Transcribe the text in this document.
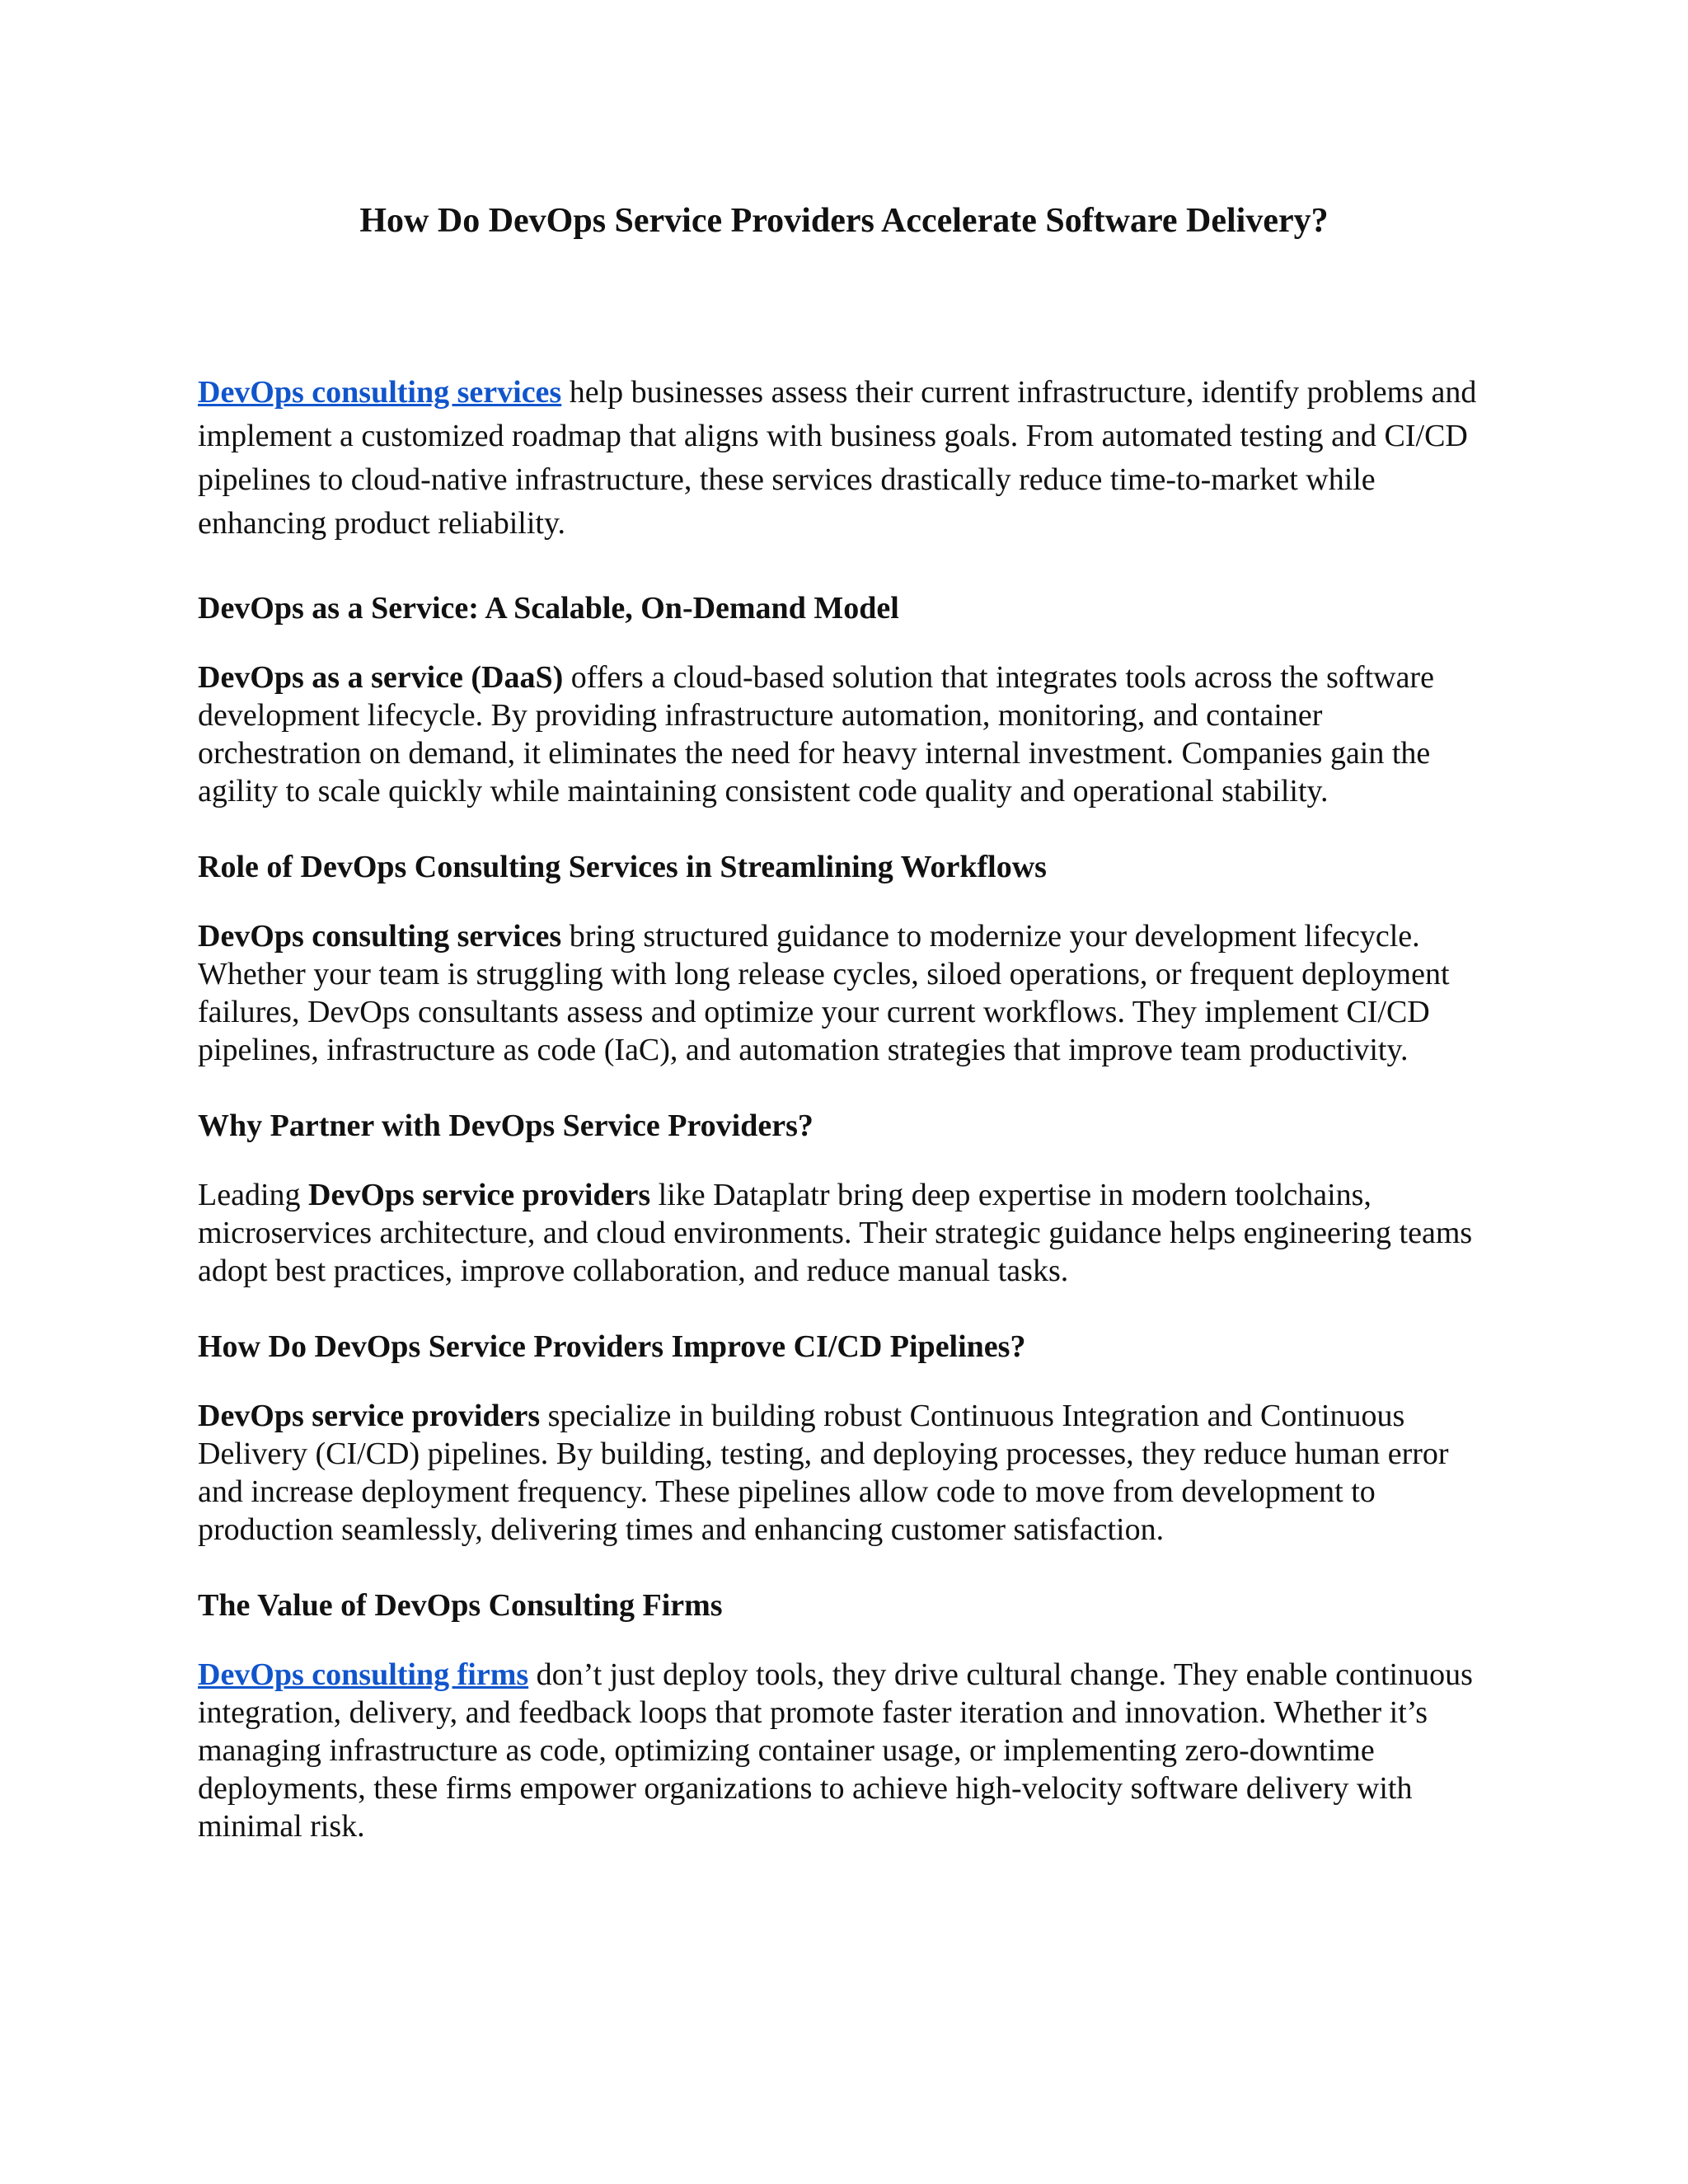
How Do DevOps Service Providers Accelerate Software Delivery?

DevOps consulting services help businesses assess their current infrastructure, identify problems and implement a customized roadmap that aligns with business goals. From automated testing and CI/CD pipelines to cloud-native infrastructure, these services drastically reduce time-to-market while enhancing product reliability.

DevOps as a Service: A Scalable, On-Demand Model

DevOps as a service (DaaS) offers a cloud-based solution that integrates tools across the software development lifecycle. By providing infrastructure automation, monitoring, and container orchestration on demand, it eliminates the need for heavy internal investment. Companies gain the agility to scale quickly while maintaining consistent code quality and operational stability.

Role of DevOps Consulting Services in Streamlining Workflows

DevOps consulting services bring structured guidance to modernize your development lifecycle. Whether your team is struggling with long release cycles, siloed operations, or frequent deployment failures, DevOps consultants assess and optimize your current workflows. They implement CI/CD pipelines, infrastructure as code (IaC), and automation strategies that improve team productivity.

Why Partner with DevOps Service Providers?

Leading DevOps service providers like Dataplatr bring deep expertise in modern toolchains, microservices architecture, and cloud environments. Their strategic guidance helps engineering teams adopt best practices, improve collaboration, and reduce manual tasks.

How Do DevOps Service Providers Improve CI/CD Pipelines?

DevOps service providers specialize in building robust Continuous Integration and Continuous Delivery (CI/CD) pipelines. By building, testing, and deploying processes, they reduce human error and increase deployment frequency. These pipelines allow code to move from development to production seamlessly, delivering times and enhancing customer satisfaction.

The Value of DevOps Consulting Firms

DevOps consulting firms don’t just deploy tools, they drive cultural change. They enable continuous integration, delivery, and feedback loops that promote faster iteration and innovation. Whether it’s managing infrastructure as code, optimizing container usage, or implementing zero-downtime deployments, these firms empower organizations to achieve high-velocity software delivery with minimal risk.
